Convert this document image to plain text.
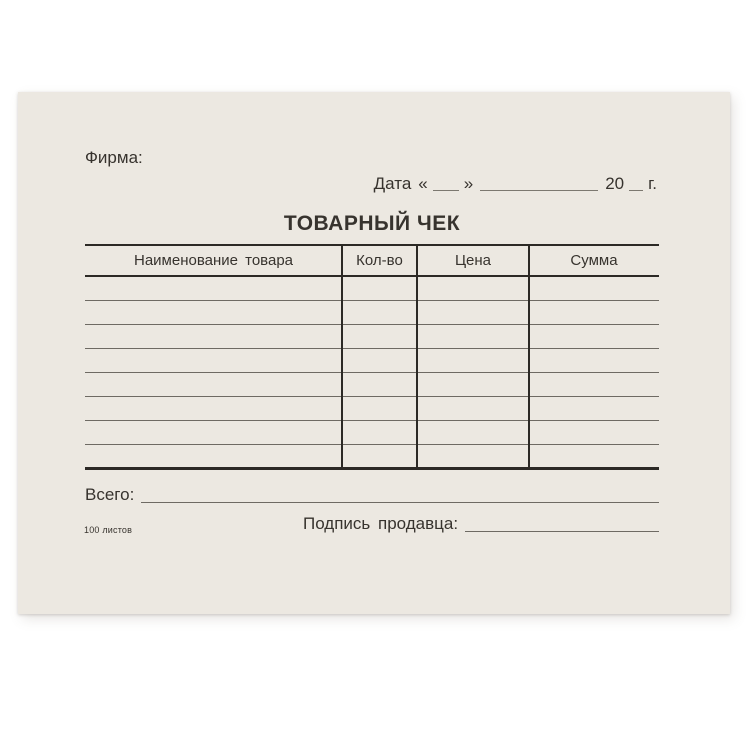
Фирма:
Дата « »	20 г.
ТОВАРНЫЙ ЧЕК
Наименование товара	Кол-во	Цена	Сумма
Всего:
Подпись продавца:
100 листов
